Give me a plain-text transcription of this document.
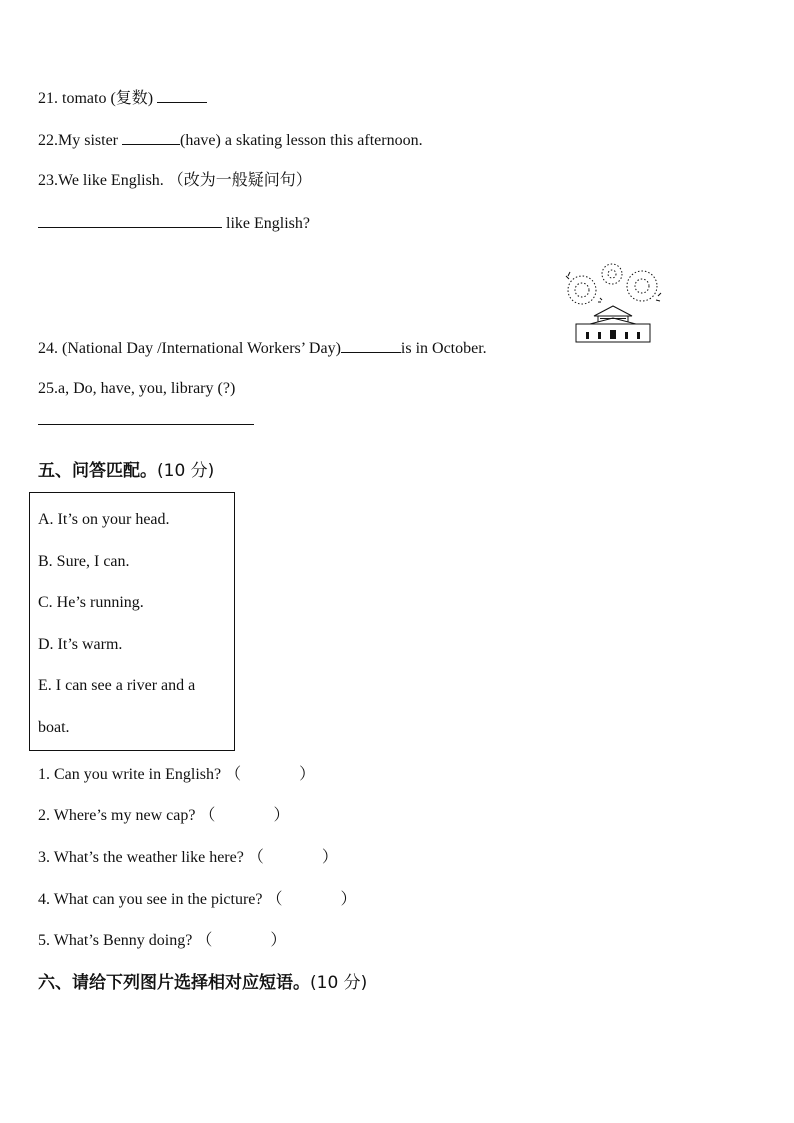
21. tomato (复数)
22.My sister	(have) a skating lesson this afternoon.
23.We like English. （改为一般疑问句）
like English?
24. (National Day /International Workers’ Day)	is in October.
25.a, Do, have, you, library (?)
五、问答匹配。(10 分)
A. It’s on your head.
B. Sure, I can.
C. He’s running.
D. It’s warm.
E. I can see a river and a
boat.
1. Can you write in English? （	）
2. Where’s my new cap? （	）
3. What’s the weather like here? （	）
4. What can you see in the picture? （	）
5. What’s Benny doing? （	）
六、请给下列图片选择相对应短语。(10 分)
